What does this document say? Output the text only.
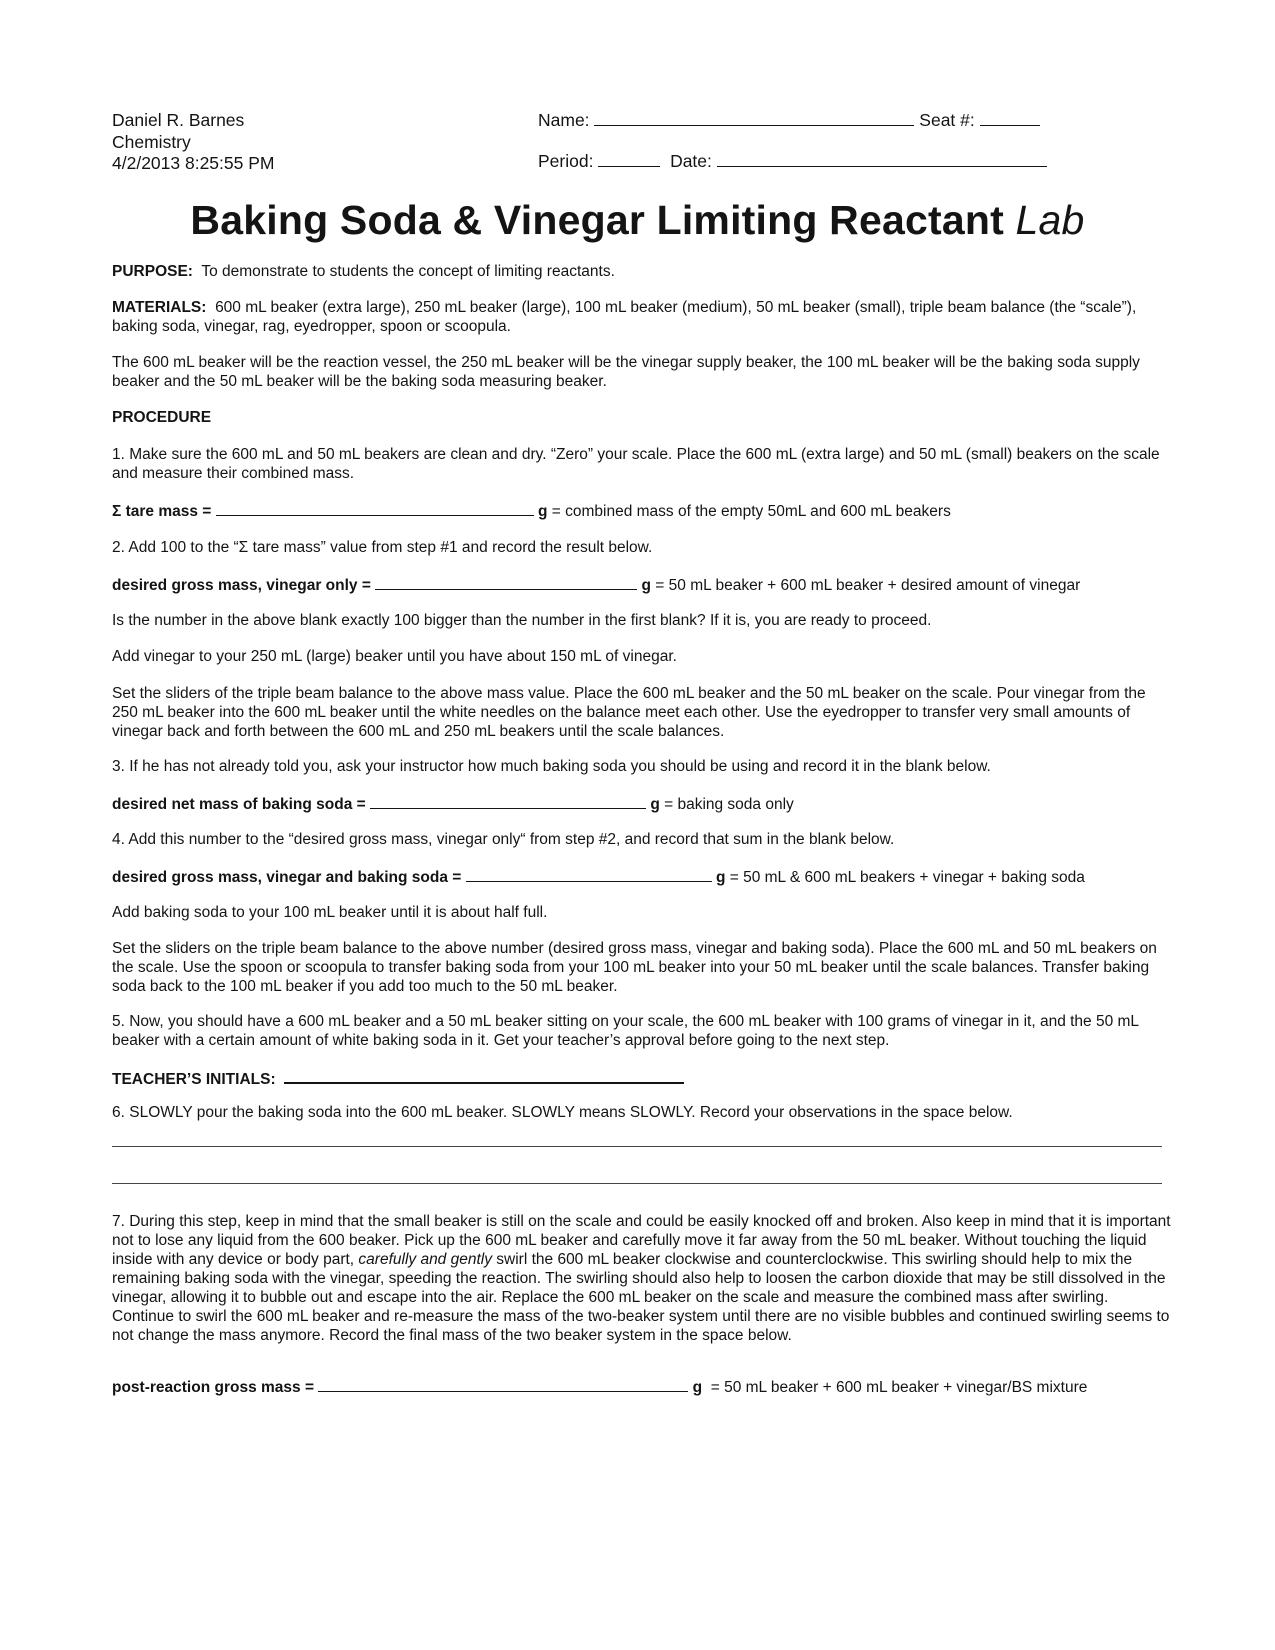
Daniel R. Barnes
Chemistry
4/2/2013 8:25:55 PM
Name:	Seat #:
Period:	Date:
Baking Soda & Vinegar Limiting Reactant Lab
PURPOSE: To demonstrate to students the concept of limiting reactants.
MATERIALS: 600 mL beaker (extra large), 250 mL beaker (large), 100 mL beaker (medium), 50 mL beaker (small), triple beam balance (the “scale”), baking soda, vinegar, rag, eyedropper, spoon or scoopula.
The 600 mL beaker will be the reaction vessel, the 250 mL beaker will be the vinegar supply beaker, the 100 mL beaker will be the baking soda supply beaker and the 50 mL beaker will be the baking soda measuring beaker.
PROCEDURE
1. Make sure the 600 mL and 50 mL beakers are clean and dry. “Zero” your scale. Place the 600 mL (extra large) and 50 mL (small) beakers on the scale and measure their combined mass.
Σ tare mass =	g = combined mass of the empty 50mL and 600 mL beakers
2. Add 100 to the “Σ tare mass” value from step #1 and record the result below.
desired gross mass, vinegar only =	g = 50 mL beaker + 600 mL beaker + desired amount of vinegar
Is the number in the above blank exactly 100 bigger than the number in the first blank? If it is, you are ready to proceed.
Add vinegar to your 250 mL (large) beaker until you have about 150 mL of vinegar.
Set the sliders of the triple beam balance to the above mass value. Place the 600 mL beaker and the 50 mL beaker on the scale. Pour vinegar from the 250 mL beaker into the 600 mL beaker until the white needles on the balance meet each other. Use the eyedropper to transfer very small amounts of vinegar back and forth between the 600 mL and 250 mL beakers until the scale balances.
3. If he has not already told you, ask your instructor how much baking soda you should be using and record it in the blank below.
desired net mass of baking soda =	g = baking soda only
4. Add this number to the “desired gross mass, vinegar only“ from step #2, and record that sum in the blank below.
desired gross mass, vinegar and baking soda =	g = 50 mL & 600 mL beakers + vinegar + baking soda
Add baking soda to your 100 mL beaker until it is about half full.
Set the sliders on the triple beam balance to the above number (desired gross mass, vinegar and baking soda). Place the 600 mL and 50 mL beakers on the scale. Use the spoon or scoopula to transfer baking soda from your 100 mL beaker into your 50 mL beaker until the scale balances. Transfer baking soda back to the 100 mL beaker if you add too much to the 50 mL beaker.
5. Now, you should have a 600 mL beaker and a 50 mL beaker sitting on your scale, the 600 mL beaker with 100 grams of vinegar in it, and the 50 mL beaker with a certain amount of white baking soda in it. Get your teacher’s approval before going to the next step.
TEACHER’S INITIALS:
6. SLOWLY pour the baking soda into the 600 mL beaker. SLOWLY means SLOWLY. Record your observations in the space below.
7. During this step, keep in mind that the small beaker is still on the scale and could be easily knocked off and broken. Also keep in mind that it is important not to lose any liquid from the 600 beaker. Pick up the 600 mL beaker and carefully move it far away from the 50 mL beaker. Without touching the liquid inside with any device or body part, carefully and gently swirl the 600 mL beaker clockwise and counterclockwise. This swirling should help to mix the remaining baking soda with the vinegar, speeding the reaction. The swirling should also help to loosen the carbon dioxide that may be still dissolved in the vinegar, allowing it to bubble out and escape into the air. Replace the 600 mL beaker on the scale and measure the combined mass after swirling. Continue to swirl the 600 mL beaker and re-measure the mass of the two-beaker system until there are no visible bubbles and continued swirling seems to not change the mass anymore. Record the final mass of the two beaker system in the space below.
post-reaction gross mass =	g = 50 mL beaker + 600 mL beaker + vinegar/BS mixture
